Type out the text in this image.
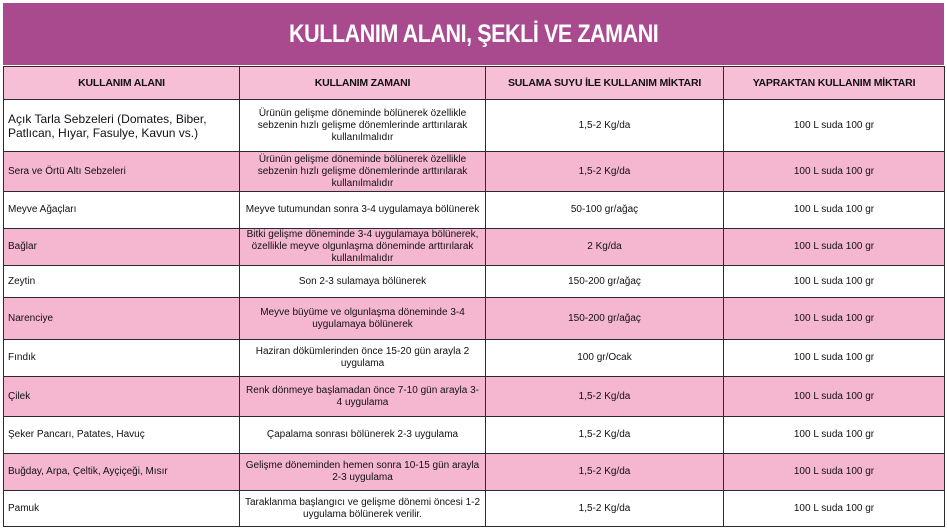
KULLANIM ALANI, ŞEKLİ VE ZAMANI
KULLANIM ALANI	KULLANIM ZAMANI	SULAMA SUYU İLE KULLANIM MİKTARI	YAPRAKTAN KULLANIM MİKTARI
Açık Tarla Sebzeleri (Domates, Biber, Patlıcan, Hıyar, Fasulye, Kavun vs.)	Ürünün gelişme döneminde bölünerek özellikle sebzenin hızlı gelişme dönemlerinde arttırılarak kullanılmalıdır	1,5-2 Kg/da	100 L suda 100 gr
Sera ve Örtü Altı Sebzeleri	Ürünün gelişme döneminde bölünerek özellikle sebzenin hızlı gelişme dönemlerinde arttırılarak kullanılmalıdır	1,5-2 Kg/da	100 L suda 100 gr
Meyve Ağaçları	Meyve tutumundan sonra 3-4 uygulamaya bölünerek	50-100 gr/ağaç	100 L suda 100 gr
Bağlar	Bitki gelişme döneminde 3-4 uygulamaya bölünerek, özellikle meyve olgunlaşma döneminde arttırılarak kullanılmalıdır	2 Kg/da	100 L suda 100 gr
Zeytin	Son 2-3 sulamaya bölünerek	150-200 gr/ağaç	100 L suda 100 gr
Narenciye	Meyve büyüme ve olgunlaşma döneminde 3-4 uygulamaya bölünerek	150-200 gr/ağaç	100 L suda 100 gr
Fındık	Haziran dökümlerinden önce 15-20 gün arayla 2 uygulama	100 gr/Ocak	100 L suda 100 gr
Çilek	Renk dönmeye başlamadan önce 7-10 gün arayla 3-4 uygulama	1,5-2 Kg/da	100 L suda 100 gr
Şeker Pancarı, Patates, Havuç	Çapalama sonrası bölünerek 2-3 uygulama	1,5-2 Kg/da	100 L suda 100 gr
Buğday, Arpa, Çeltik, Ayçiçeği, Mısır	Gelişme döneminden hemen sonra 10-15 gün arayla 2-3 uygulama	1,5-2 Kg/da	100 L suda 100 gr
Pamuk	Taraklanma başlangıcı ve gelişme dönemi öncesi 1-2 uygulama bölünerek verilir.	1,5-2 Kg/da	100 L suda 100 gr
